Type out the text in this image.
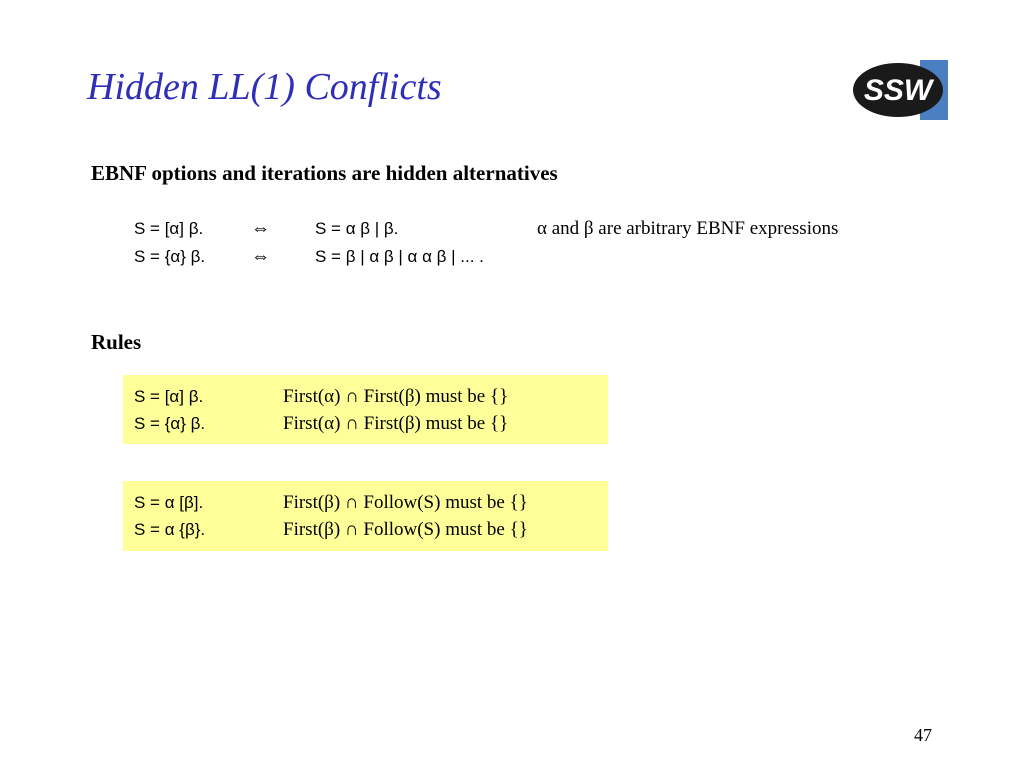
Hidden LL(1) Conflicts	SSW
EBNF options and iterations are hidden alternatives
S = [α] β.	⇔	S = α β | β.	α and β are arbitrary EBNF expressions
S = {α} β. ⇔	S = β | α β | α α β | ... .
Rules
S = [α] β.	First(α) ∩ First(β) must be {}
S = {α} β.	First(α) ∩ First(β) must be {}
S = α [β].	First(β) ∩ Follow(S) must be {}
S = α {β}.	First(β) ∩ Follow(S) must be {}
47
